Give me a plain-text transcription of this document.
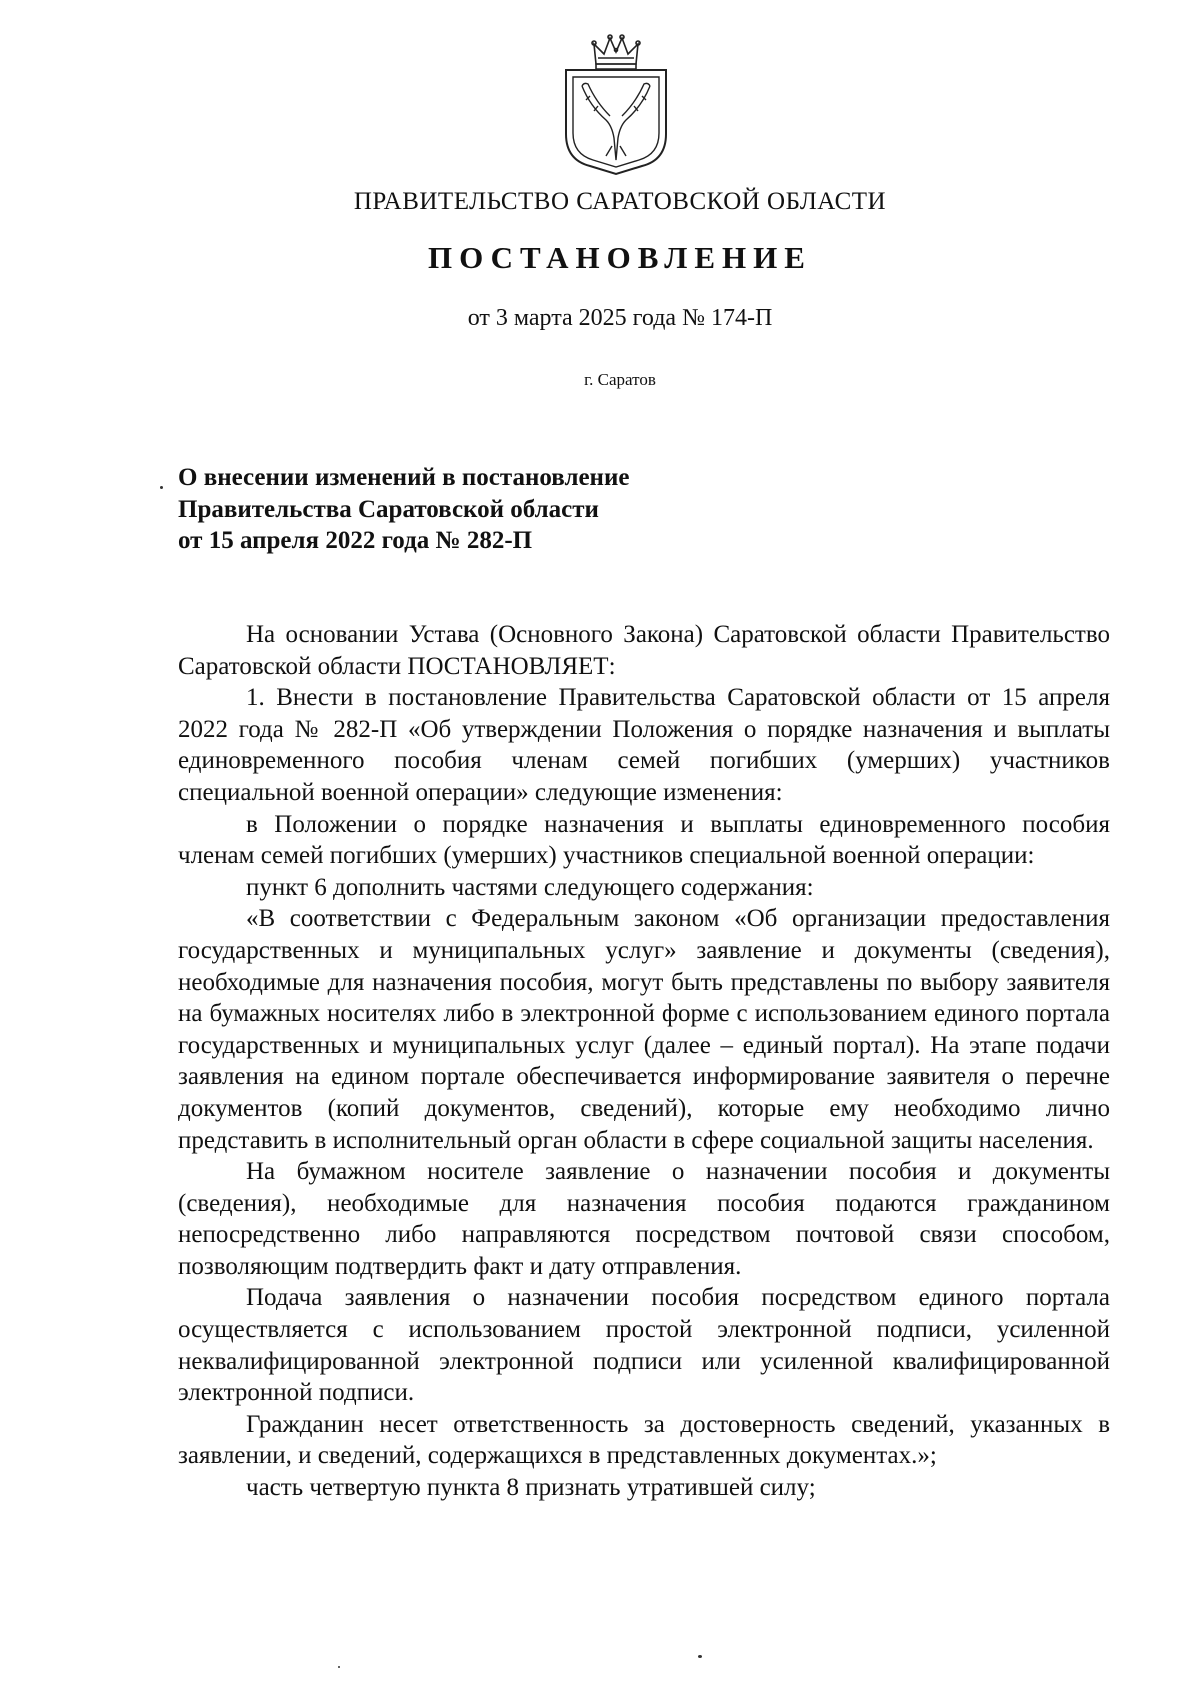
ПРАВИТЕЛЬСТВО САРАТОВСКОЙ ОБЛАСТИ
ПОСТАНОВЛЕНИЕ
от 3 марта 2025 года № 174-П
г. Саратов
О внесении изменений в постановление
Правительства Саратовской области
от 15 апреля 2022 года № 282-П

На основании Устава (Основного Закона) Саратовской области Правительство Саратовской области ПОСТАНОВЛЯЕТ:

1. Внести в постановление Правительства Саратовской области от 15 апреля 2022 года № 282-П «Об утверждении Положения о порядке назначения и выплаты единовременного пособия членам семей погибших (умерших) участников специальной военной операции» следующие изменения:

в Положении о порядке назначения и выплаты единовременного пособия членам семей погибших (умерших) участников специальной военной операции:

пункт 6 дополнить частями следующего содержания:

«В соответствии с Федеральным законом «Об организации предоставления государственных и муниципальных услуг» заявление и документы (сведения), необходимые для назначения пособия, могут быть представлены по выбору заявителя на бумажных носителях либо в электронной форме с использованием единого портала государственных и муниципальных услуг (далее – единый портал). На этапе подачи заявления на едином портале обеспечивается информирование заявителя о перечне документов (копий документов, сведений), которые ему необходимо лично представить в исполнительный орган области в сфере социальной защиты населения.

На бумажном носителе заявление о назначении пособия и документы (сведения), необходимые для назначения пособия подаются гражданином непосредственно либо направляются посредством почтовой связи способом, позволяющим подтвердить факт и дату отправления.

Подача заявления о назначении пособия посредством единого портала осуществляется с использованием простой электронной подписи, усиленной неквалифицированной электронной подписи или усиленной квалифицированной электронной подписи.

Гражданин несет ответственность за достоверность сведений, указанных в заявлении, и сведений, содержащихся в представленных документах.»;

часть четвертую пункта 8 признать утратившей силу;
